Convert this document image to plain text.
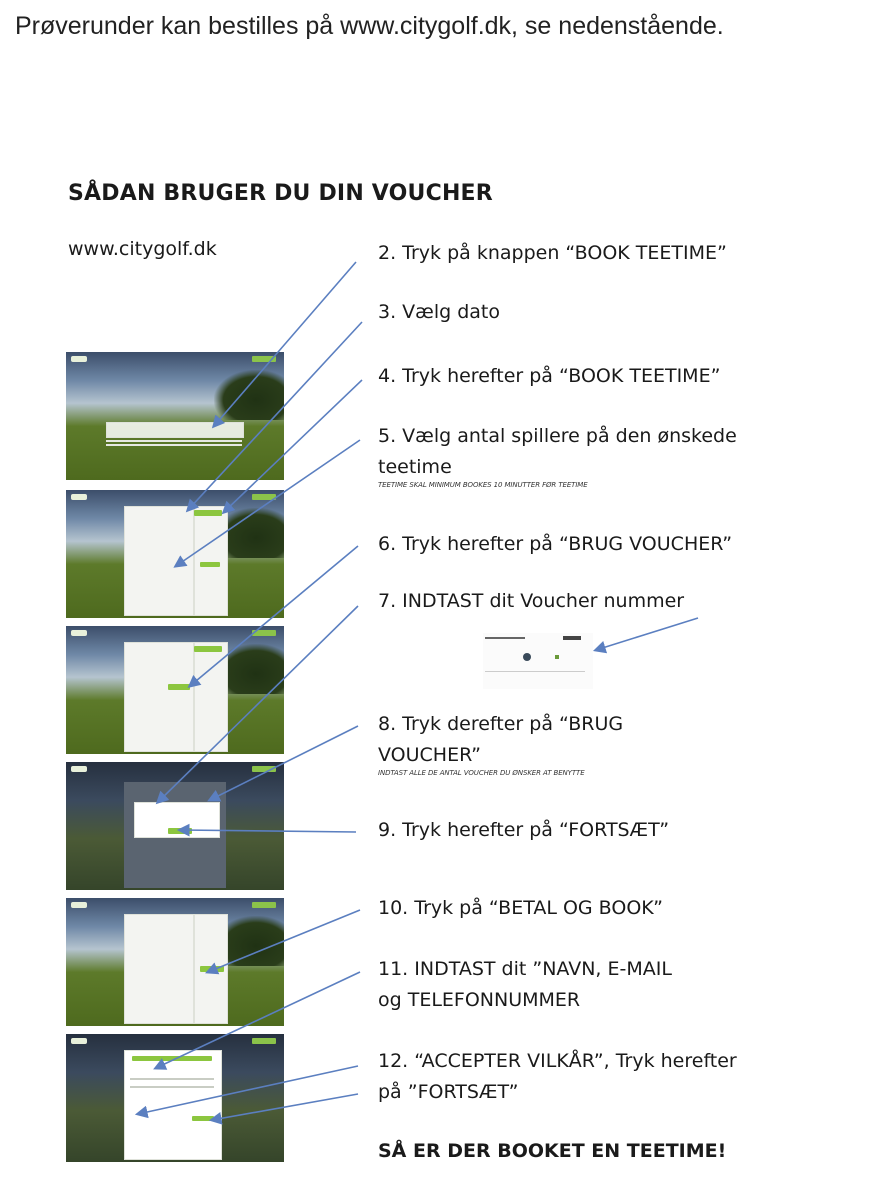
Prøverunder kan bestilles på www.citygolf.dk, se nedenstående.
SÅDAN BRUGER DU DIN VOUCHER
www.citygolf.dk	2. Tryk på knappen “BOOK TEETIME”
3. Vælg dato
4. Tryk herefter på “BOOK TEETIME”
5. Vælg antal spillere på den ønskede
teetime
TEETIME SKAL MINIMUM BOOKES 10 MINUTTER FØR TEETIME
6. Tryk herefter på “BRUG VOUCHER”
7. INDTAST dit Voucher nummer
8. Tryk derefter på “BRUG
VOUCHER”
INDTAST ALLE DE ANTAL VOUCHER DU ØNSKER AT BENYTTE
9. Tryk herefter på “FORTSÆT”
10. Tryk på “BETAL OG BOOK”
11. INDTAST dit ”NAVN, E-MAIL
og TELEFONNUMMER
12. “ACCEPTER VILKÅR”, Tryk herefter
på ”FORTSÆT”
SÅ ER DER BOOKET EN TEETIME!
